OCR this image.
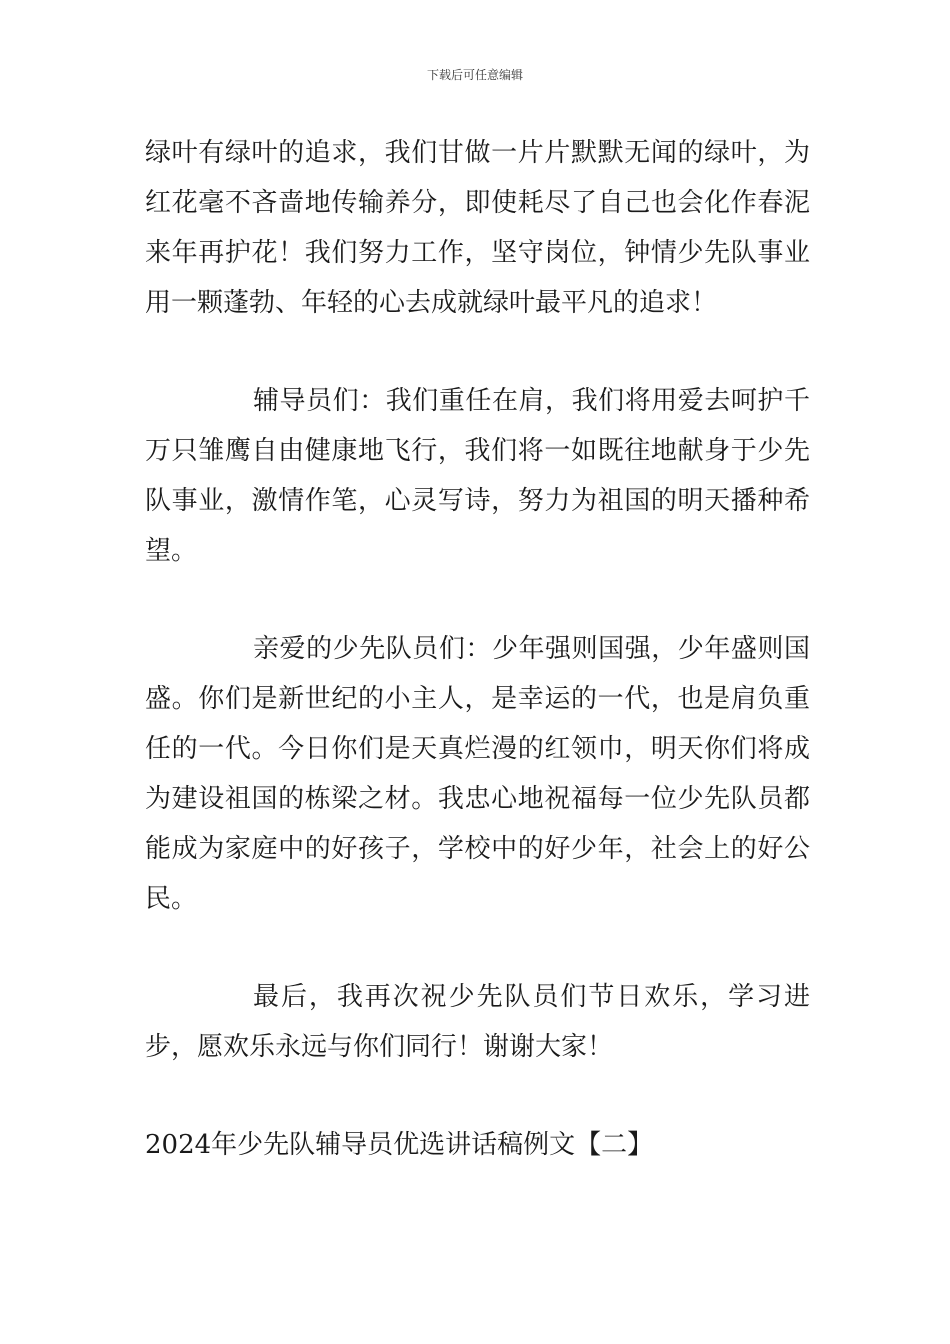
下载后可任意编辑

绿叶有绿叶的追求，我们甘做一片片默默无闻的绿叶，为红花毫不吝啬地传输养分，即使耗尽了自己也会化作春泥来年再护花！我们努力工作，坚守岗位，钟情少先队事业用一颗蓬勃、年轻的心去成就绿叶最平凡的追求！

辅导员们：我们重任在肩，我们将用爱去呵护千万只雏鹰自由健康地飞行，我们将一如既往地献身于少先队事业，激情作笔，心灵写诗，努力为祖国的明天播种希望。

亲爱的少先队员们：少年强则国强，少年盛则国盛。你们是新世纪的小主人，是幸运的一代，也是肩负重任的一代。今日你们是天真烂漫的红领巾，明天你们将成为建设祖国的栋梁之材。我忠心地祝福每一位少先队员都能成为家庭中的好孩子，学校中的好少年，社会上的好公民。

最后，我再次祝少先队员们节日欢乐，学习进步，愿欢乐永远与你们同行！谢谢大家！

2024年少先队辅导员优选讲话稿例文【二】
